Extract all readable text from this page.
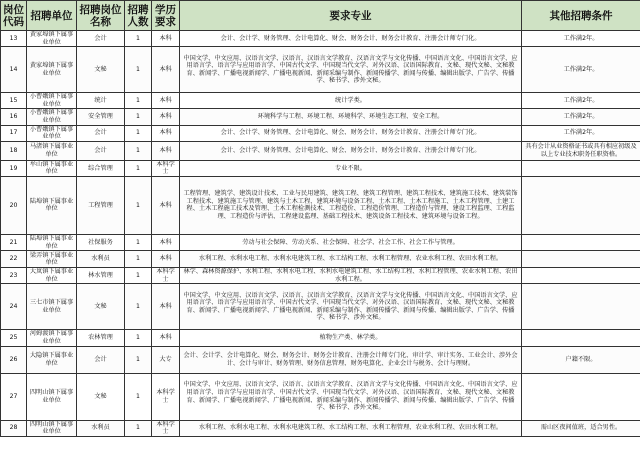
岗位代码	招聘单位	招聘岗位名称	招聘人数	学历要求	要求专业	其他招聘条件
13	黄家埠镇下属事业单位	会计	1	本科	会计、会计学、财务管理、会计电算化、财会、财务会计、财务会计教育、注册会计师专门化。	工作满2年。
14	黄家埠镇下属事业单位	文秘	1	本科	中国文学、中文应用、汉语言文学、汉语言、汉语言文学教育、汉语言文学与文化传播、中国语言文化、中国语言文学、应用语言学、语言学与应用语言学、中国古代文学、中国现当代文学、对外汉语、汉语国际教育、文秘、现代文秘、文秘教育、新闻学、广播电视新闻学、广播电视新闻、新闻采编与制作、新闻传播学、新闻与传播、编辑出版学、广告学、传播学、秘书学、涉外文秘。	工作满2年。
15	小曹娥镇下属事业单位	统计	1	本科	统计学类。	工作满2年。
16	小曹娥镇下属事业单位	安全管理	1	本科	环境科学与工程、环境工程、环境科学、环境生态工程、安全工程。	工作满2年。
17	小曹娥镇下属事业单位	会计	1	本科	会计、会计学、财务管理、会计电算化、财会、财务会计、财务会计教育、注册会计师专门化。	工作满2年。
18	马渚镇下属事业单位	会计	1	本科	会计、会计学、财务管理、会计电算化、财会、财务会计、财务会计教育、注册会计师专门化。	具有会计从业资格证书或具有相应初级及以上专业技术职务任职资格。
19	牟山镇下属事业单位	综合管理	1	本科学士	专业不限。	
20	陆埠镇下属事业单位	工程管理	1	本科	工程管理、建筑学、建筑设计技术、工业与民用建筑、建筑工程、建筑工程管理、建筑工程技术、建筑施工技术、建筑装饰工程技术、建筑施工与管理、建筑与土木工程、建筑环境与设备工程、土木工程、土木工程施工、土木工程管理、土建工程、土木工程施工技术及管理、土木工程检测技术、工程造价、工程造价管理、工程造价与管理、建设工程监理、工程监理、工程造价与评估、工程建设监理、基础工程技术、建筑设备工程技术、建筑环境与设备工程。	
21	陆埠镇下属事业单位	社保服务	1	本科	劳动与社会保障、劳动关系、社会保障、社会学、社会工作、社会工作与管理。	
22	梁弄镇下属事业单位	水利员	1	本科	水利工程、水利水电工程、水利水电建筑工程、水工结构工程、水利工程管理、农业水利工程、农田水利工程。	
23	大岚镇下属事业单位	林水管理	1	本科学士	林学、森林资源保护、水利工程、水利水电工程、水利水电建筑工程、水工结构工程、水利工程管理、农业水利工程、农田水利工程。	
24	三七市镇下属事业单位	文秘	1	本科	中国文学、中文应用、汉语言文学、汉语言、汉语言文学教育、汉语言文学与文化传播、中国语言文化、中国语言文学、应用语言学、语言学与应用语言学、中国古代文学、中国现当代文学、对外汉语、汉语国际教育、文秘、现代文秘、文秘教育、新闻学、广播电视新闻学、广播电视新闻、新闻采编与制作、新闻传播学、新闻与传播、编辑出版学、广告学、传播学、秘书学、涉外文秘。	
25	河姆渡镇下属事业单位	农林管理	1	本科	植物生产类、林学类。	
26	大隐镇下属事业单位	会计	1	大专	会计、会计学、会计电算化、财会、财务会计、财务会计教育、注册会计师专门化、审计学、审计实务、工业会计、涉外会计、会计与审计、财务管理、财务信息管理、财务电算化、企业会计与税务、会计与理财。	户籍不限。
27	四明山镇下属事业单位	文秘	1	本科学士	中国文学、中文应用、汉语言文学、汉语言、汉语言文学教育、汉语言文学与文化传播、中国语言文化、中国语言文学、应用语言学、语言学与应用语言学、中国古代文学、中国现当代文学、对外汉语、汉语国际教育、文秘、现代文秘、文秘教育、新闻学、广播电视新闻学、广播电视新闻、新闻采编与制作、新闻传播学、新闻与传播、编辑出版学、广告学、传播学、秘书学、涉外文秘。	
28	四明山镇下属事业单位	水利员	1	本科学士	水利工程、水利水电工程、水利水电建筑工程、水工结构工程、水利工程管理、农业水利工程、农田水利工程。	需山区夜间值班，适合男性。
